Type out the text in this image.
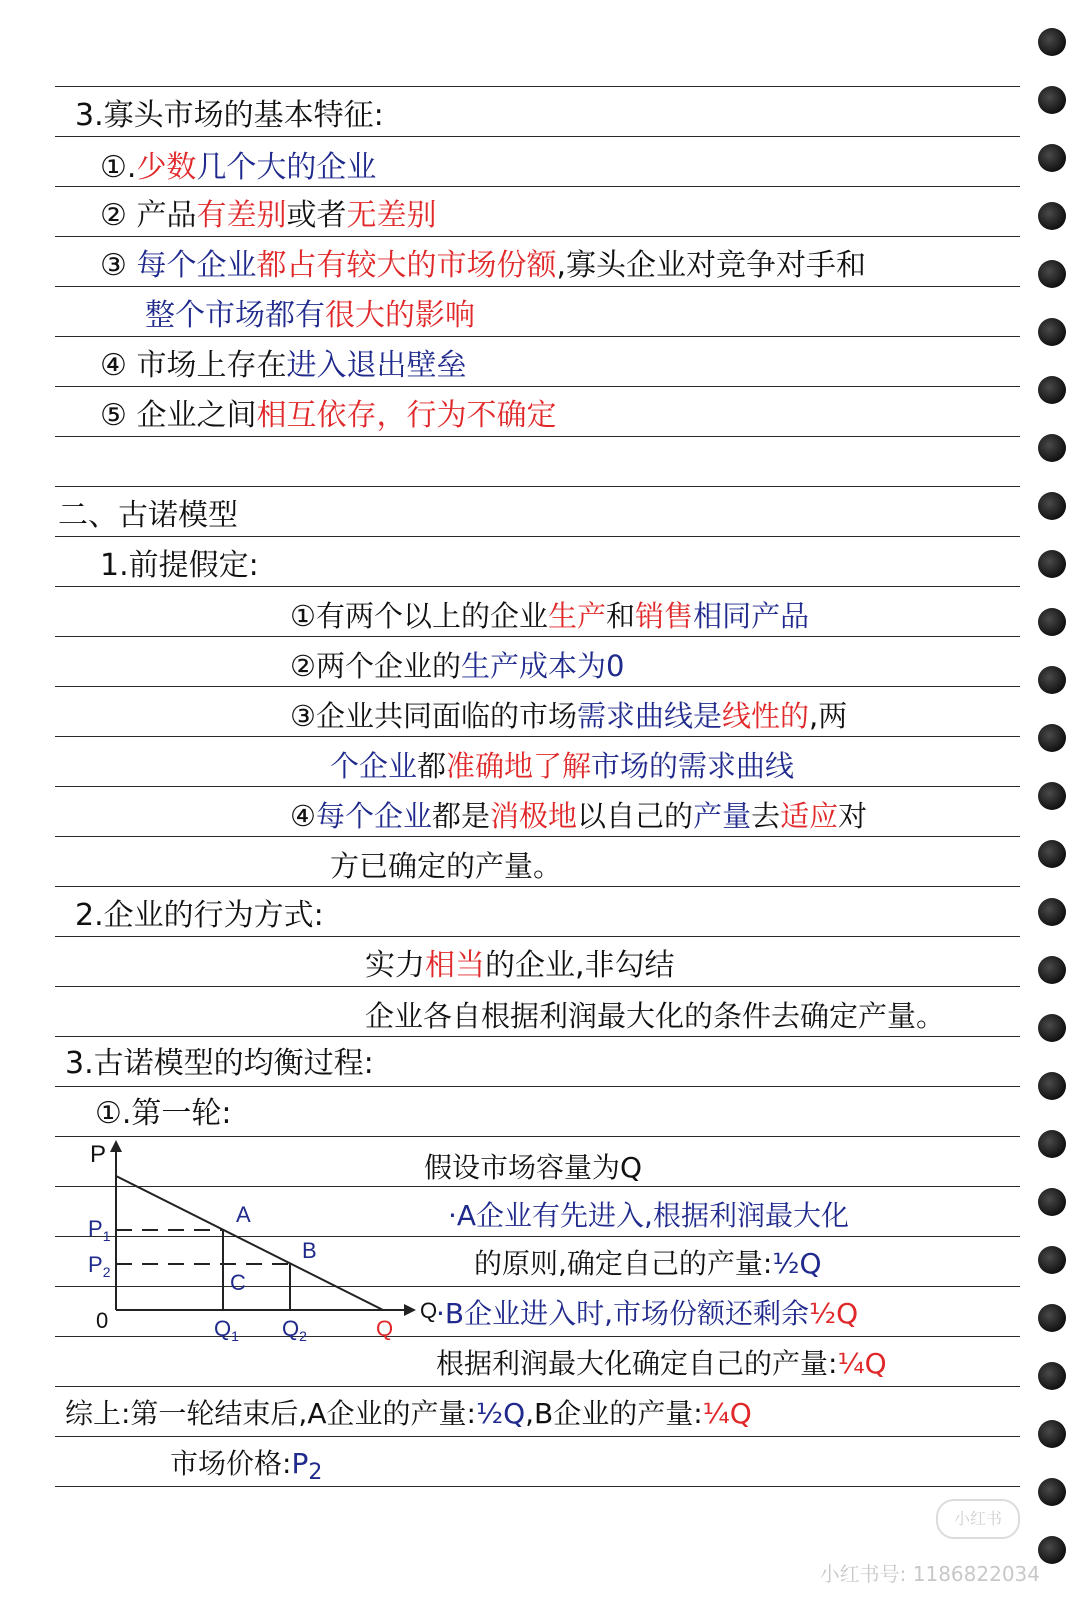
3.寡头市场的基本特征:
①.少数几个大的企业
② 产品有差别或者无差别
③ 每个企业都占有较大的市场份额,寡头企业对竞争对手和
整个市场都有很大的影响
④ 市场上存在进入退出壁垒
⑤ 企业之间相互依存，行为不确定
二、古诺模型
1.前提假定:
①有两个以上的企业生产和销售相同产品
②两个企业的生产成本为0
③企业共同面临的市场需求曲线是线性的,两
个企业都准确地了解市场的需求曲线
④每个企业都是消极地以自己的产量去适应对
方已确定的产量。
2.企业的行为方式:
实力相当的企业,非勾结
企业各自根据利润最大化的条件去确定产量。
3.古诺模型的均衡过程:
①.第一轮:
P
0
$P_1$
$P_2$
A
B
C
$Q_1$ $Q_2$	Q
Q
假设市场容量为Q
·A企业有先进入,根据利润最大化
的原则,确定自己的产量:½Q
·B企业进入时,市场份额还剩余½Q
根据利润最大化确定自己的产量:¼Q
综上:第一轮结束后,A企业的产量:½Q,B企业的产量:¼Q
市场价格$:P_2$
小红书
小红书号: 1186822034
